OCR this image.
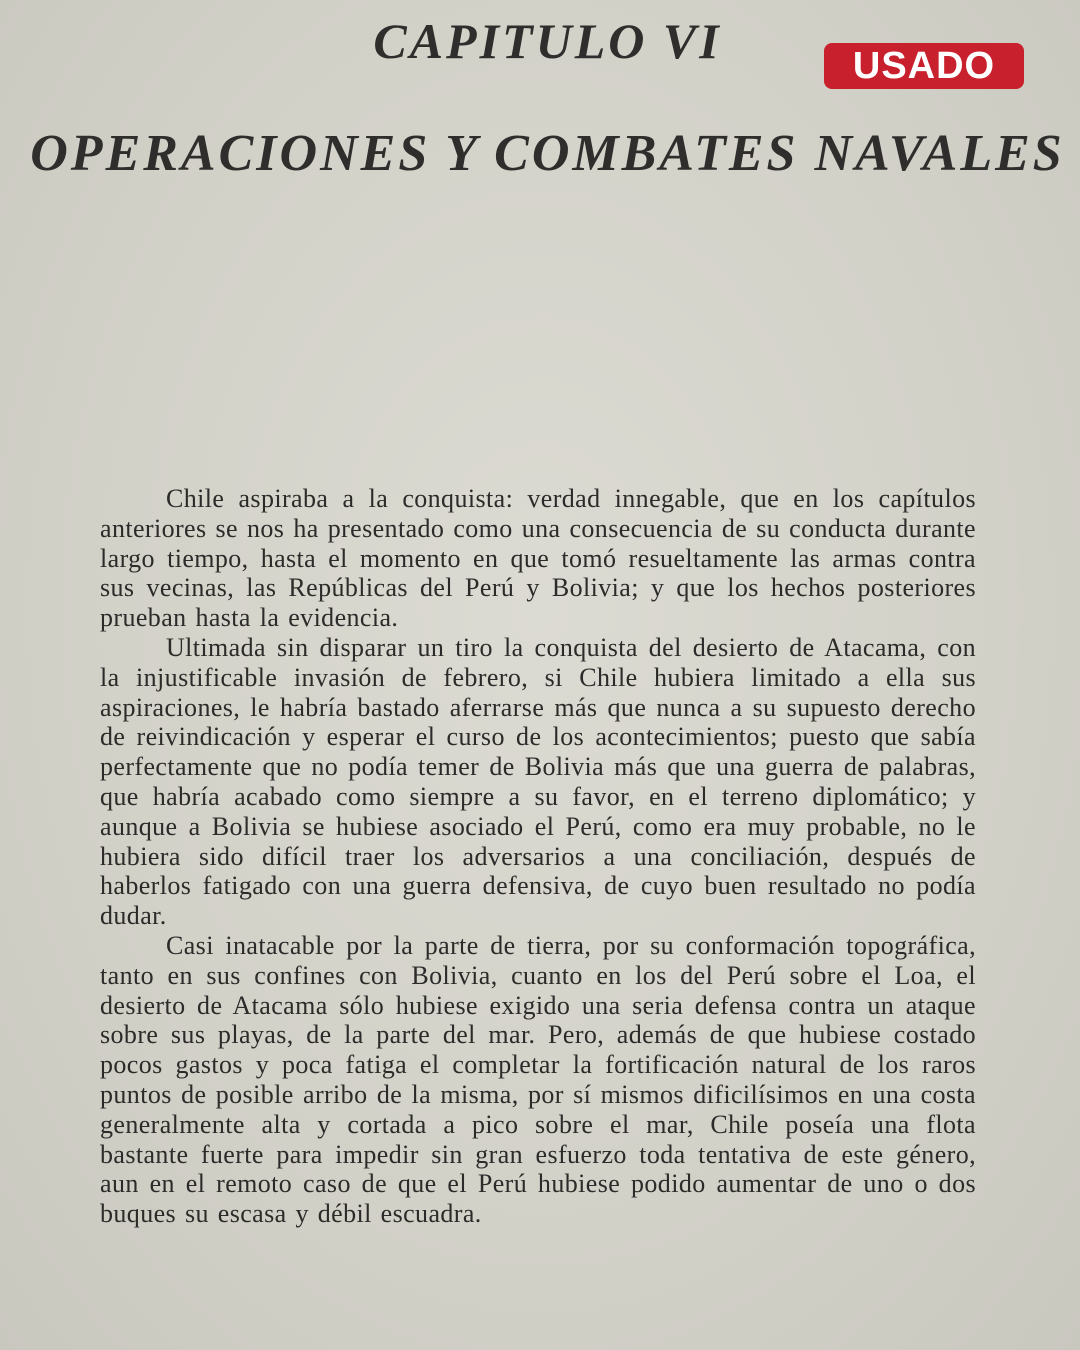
CAPITULO VI	USADO
OPERACIONES Y COMBATES NAVALES

Chile aspiraba a la conquista: verdad innegable, que en los capítulos anteriores se nos ha presentado como una consecuencia de su conducta durante largo tiempo, hasta el momento en que tomó resueltamente las armas contra sus vecinas, las Repúblicas del Perú y Bolivia; y que los hechos posteriores prueban hasta la evidencia.

Ultimada sin disparar un tiro la conquista del desierto de Atacama, con la injustificable invasión de febrero, si Chile hubiera limitado a ella sus aspiraciones, le habría bastado aferrarse más que nunca a su supuesto derecho de reivindicación y esperar el curso de los acontecimientos; puesto que sabía perfectamente que no podía temer de Bolivia más que una guerra de palabras, que habría acabado como siempre a su favor, en el terreno diplomático; y aunque a Bolivia se hubiese asociado el Perú, como era muy probable, no le hubiera sido difícil traer los adversarios a una conciliación, después de haberlos fatigado con una guerra defensiva, de cuyo buen resultado no podía dudar.

Casi inatacable por la parte de tierra, por su conformación topográfica, tanto en sus confines con Bolivia, cuanto en los del Perú sobre el Loa, el desierto de Atacama sólo hubiese exigido una seria defensa contra un ataque sobre sus playas, de la parte del mar. Pero, además de que hubiese costado pocos gastos y poca fatiga el completar la fortificación natural de los raros puntos de posible arribo de la misma, por sí mismos dificilísimos en una costa generalmente alta y cortada a pico sobre el mar, Chile poseía una flota bastante fuerte para impedir sin gran esfuerzo toda tentativa de este género, aun en el remoto caso de que el Perú hubiese podido aumentar de uno o dos buques su escasa y débil escuadra.
